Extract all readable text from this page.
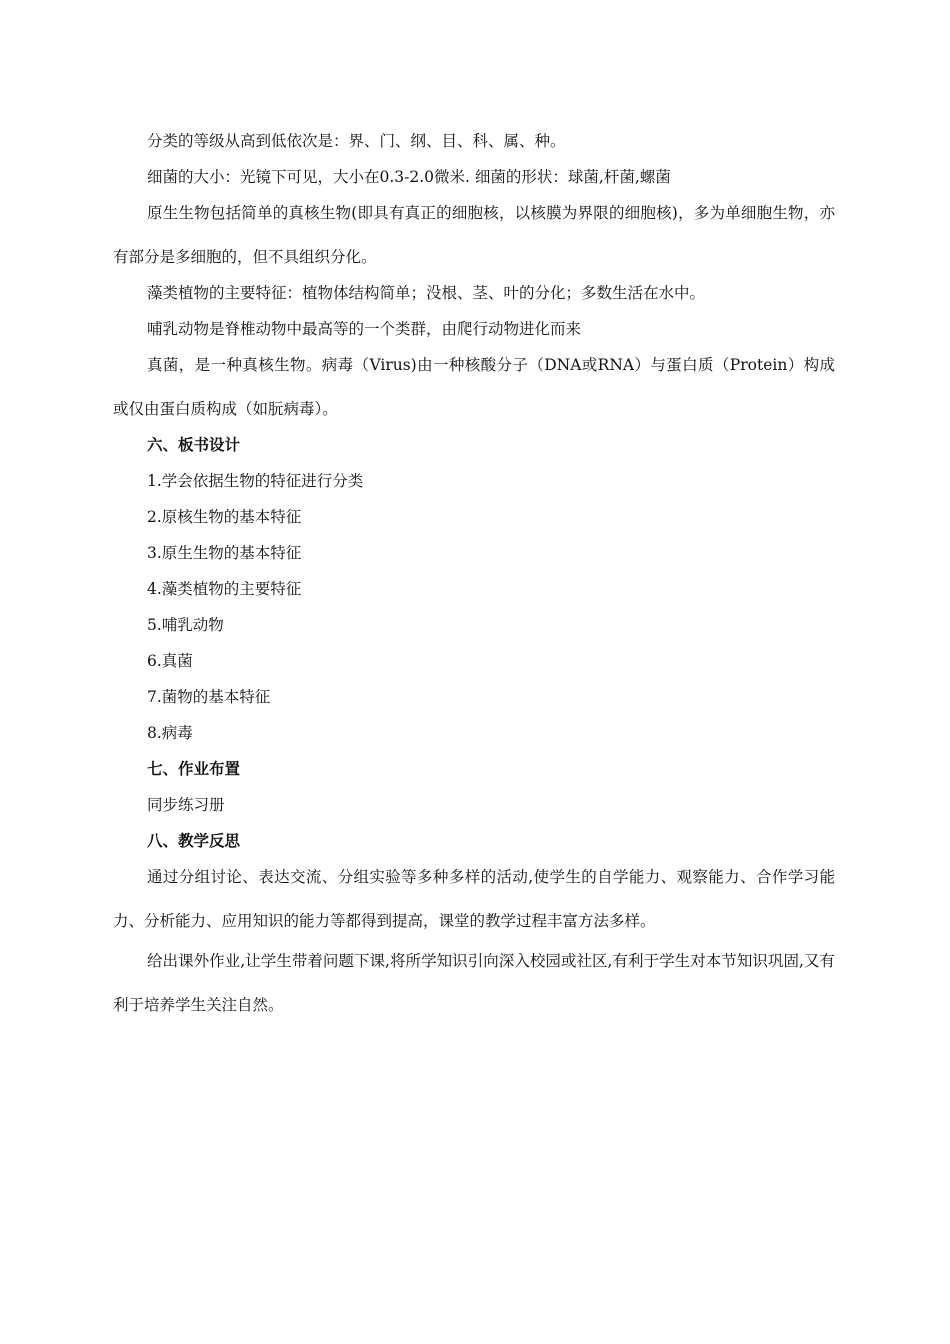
分类的等级从高到低依次是：界、门、纲、目、科、属、种。

细菌的大小：光镜下可见，大小在0.3-2.0微米. 细菌的形状：球菌,杆菌,螺菌

原生生物包括简单的真核生物(即具有真正的细胞核，以核膜为界限的细胞核)，多为单细胞生物，亦有部分是多细胞的，但不具组织分化。

藻类植物的主要特征：植物体结构简单；没根、茎、叶的分化；多数生活在水中。

哺乳动物是脊椎动物中最高等的一个类群，由爬行动物进化而来

真菌，是一种真核生物。病毒（Virus)由一种核酸分子（DNA或RNA）与蛋白质（Protein）构成或仅由蛋白质构成（如朊病毒）。

六、板书设计

1.学会依据生物的特征进行分类

2.原核生物的基本特征

3.原生生物的基本特征

4.藻类植物的主要特征

5.哺乳动物

6.真菌

7.菌物的基本特征

8.病毒

七、作业布置

同步练习册

八、教学反思

通过分组讨论、表达交流、分组实验等多种多样的活动,使学生的自学能力、观察能力、合作学习能力、分析能力、应用知识的能力等都得到提高，课堂的教学过程丰富方法多样。

给出课外作业,让学生带着问题下课,将所学知识引向深入校园或社区,有利于学生对本节知识巩固,又有利于培养学生关注自然。
